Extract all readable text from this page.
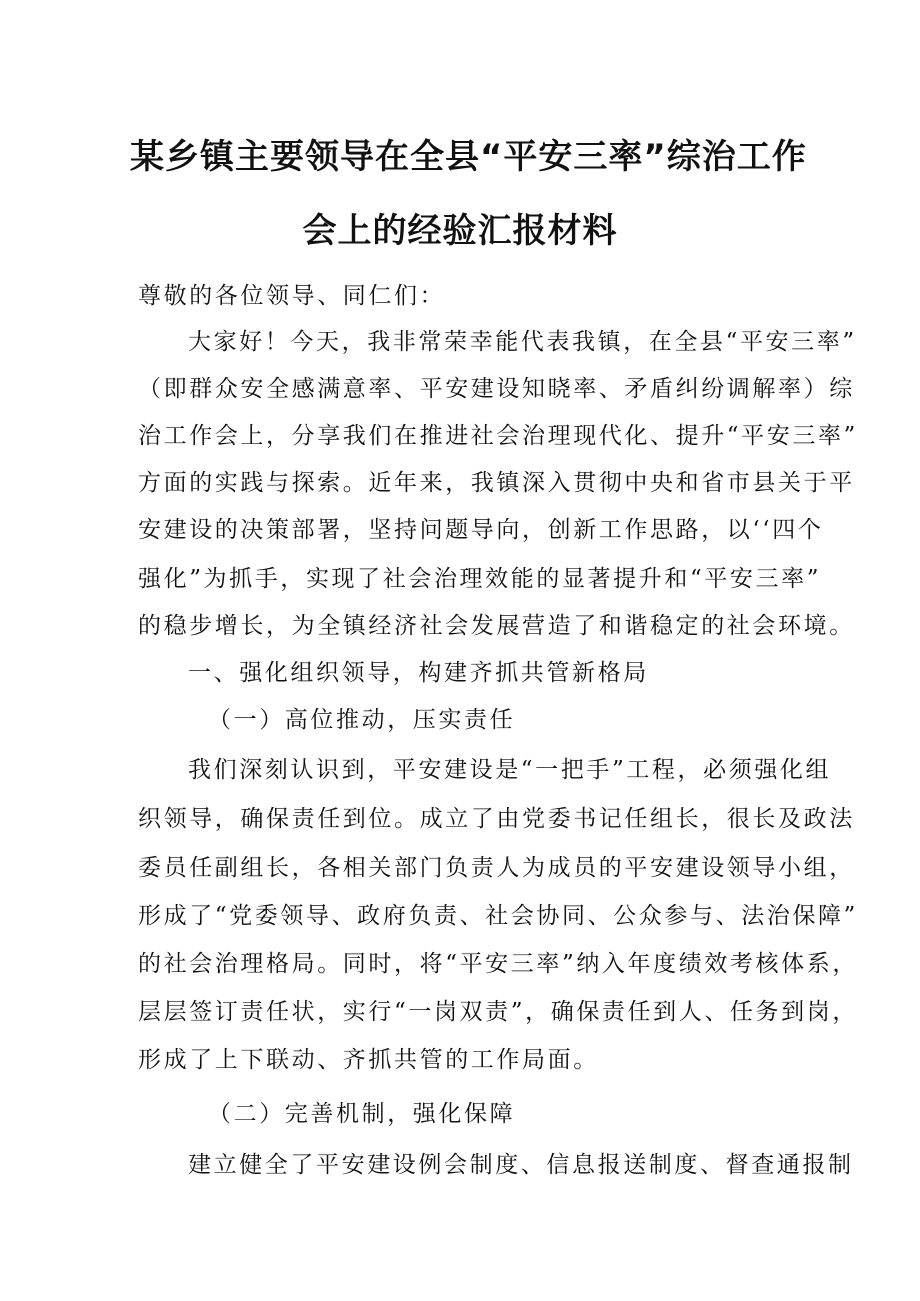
某乡镇主要领导在全县“平安三率”综治工作
会上的经验汇报材料
尊敬的各位领导、同仁们：
大家好！今天，我非常荣幸能代表我镇，在全县“平安三率”
（即群众安全感满意率、平安建设知晓率、矛盾纠纷调解率）综
治工作会上，分享我们在推进社会治理现代化、提升“平安三率”
方面的实践与探索。近年来，我镇深入贯彻中央和省市县关于平
安建设的决策部署，坚持问题导向，创新工作思路，以‘‘四个
强化”为抓手，实现了社会治理效能的显著提升和“平安三率”
的稳步增长，为全镇经济社会发展营造了和谐稳定的社会环境。
一、强化组织领导，构建齐抓共管新格局
（一）高位推动，压实责任
我们深刻认识到，平安建设是“一把手”工程，必须强化组
织领导，确保责任到位。成立了由党委书记任组长，很长及政法
委员任副组长，各相关部门负责人为成员的平安建设领导小组，
形成了“党委领导、政府负责、社会协同、公众参与、法治保障”
的社会治理格局。同时，将“平安三率”纳入年度绩效考核体系，
层层签订责任状，实行“一岗双责”，确保责任到人、任务到岗，
形成了上下联动、齐抓共管的工作局面。
（二）完善机制，强化保障
建立健全了平安建设例会制度、信息报送制度、督查通报制
